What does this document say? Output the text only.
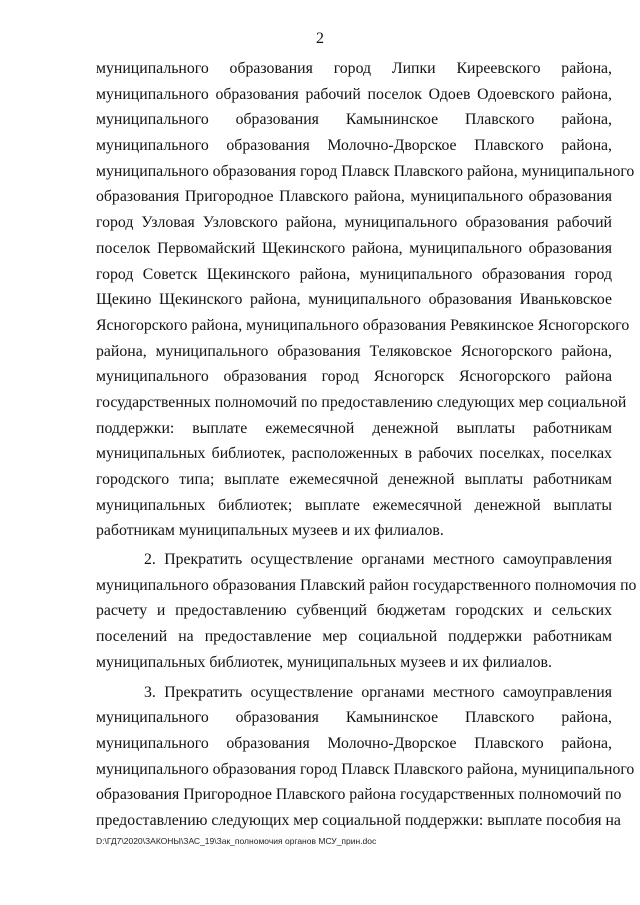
2
муниципального образования город Липки Киреевского района,
муниципального образования рабочий поселок Одоев Одоевского района,
муниципального образования Камынинское Плавского района,
муниципального образования Молочно-Дворское Плавского района,
муниципального образования город Плавск Плавского района, муниципального
образования Пригородное Плавского района, муниципального образования
город Узловая Узловского района, муниципального образования рабочий
поселок Первомайский Щекинского района, муниципального образования
город Советск Щекинского района, муниципального образования город
Щекино Щекинского района, муниципального образования Иваньковское
Ясногорского района, муниципального образования Ревякинское Ясногорского
района, муниципального образования Теляковское Ясногорского района,
муниципального образования город Ясногорск Ясногорского района
государственных полномочий по предоставлению следующих мер социальной
поддержки: выплате ежемесячной денежной выплаты работникам
муниципальных библиотек, расположенных в рабочих поселках, поселках
городского типа; выплате ежемесячной денежной выплаты работникам
муниципальных библиотек; выплате ежемесячной денежной выплаты
работникам муниципальных музеев и их филиалов.
2. Прекратить осуществление органами местного самоуправления
муниципального образования Плавский район государственного полномочия по
расчету и предоставлению субвенций бюджетам городских и сельских
поселений на предоставление мер социальной поддержки работникам
муниципальных библиотек, муниципальных музеев и их филиалов.
3. Прекратить осуществление органами местного самоуправления
муниципального образования Камынинское Плавского района,
муниципального образования Молочно-Дворское Плавского района,
муниципального образования город Плавск Плавского района, муниципального
образования Пригородное Плавского района государственных полномочий по
предоставлению следующих мер социальной поддержки: выплате пособия на
D:\ГД7\2020\ЗАКОНЫ\ЗАС_19\Зак_полномочия органов МСУ_прин.doc
